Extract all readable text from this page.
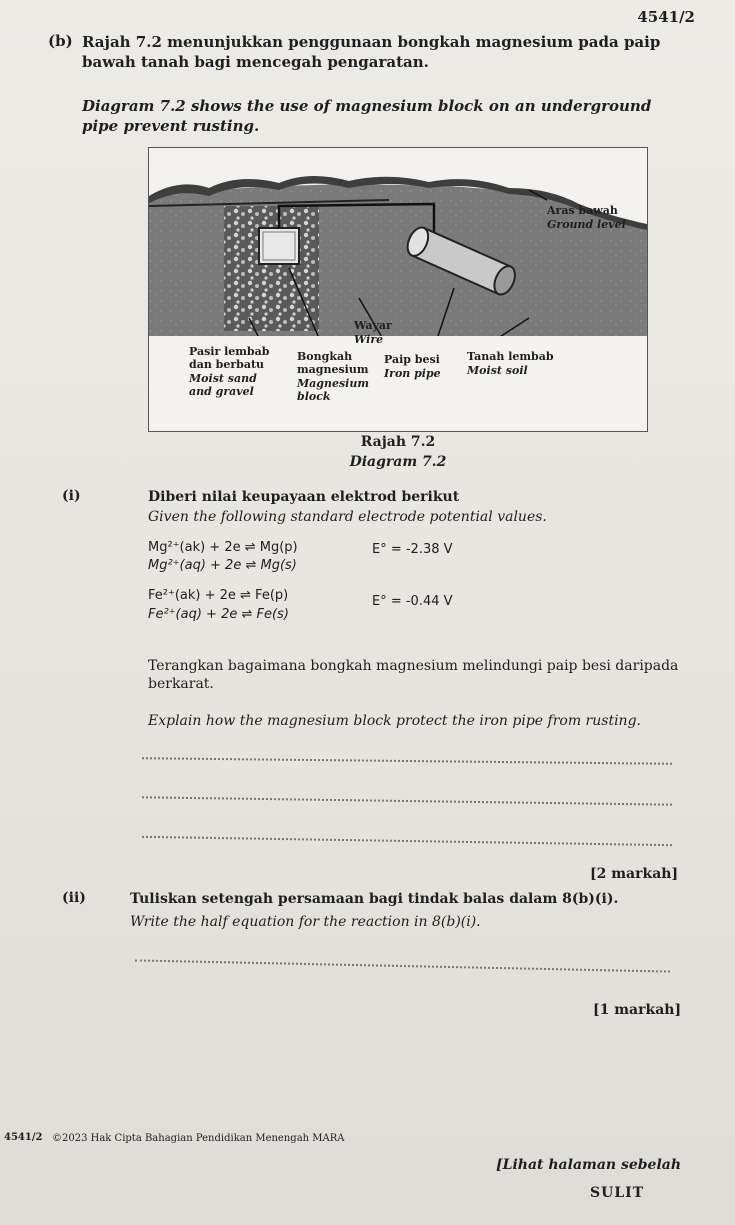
4541/2
(b) Rajah 7.2 menunjukkan penggunaan bongkah magnesium pada paip bawah tanah bagi mencegah pengaratan.
Diagram 7.2 shows the use of magnesium block on an underground pipe prevent rusting.
Aras bawah
Ground level
Wayar
Wire
Pasir lembab
dan berbatu
Moist sand
and gravel
Bongkah
magnesium
Magnesium
block
Paip besi
Iron pipe
Tanah lembab
Moist soil
Rajah 7.2
Diagram 7.2
(i)	Diberi nilai keupayaan elektrod berikut
Given the following standard electrode potential values.
Mg²⁺(ak) + 2e ⇌ Mg(p)	E° = -2.38 V
Mg²⁺(aq) + 2e ⇌ Mg(s)
Fe²⁺(ak) + 2e ⇌ Fe(p)	E° = -0.44 V
Fe²⁺(aq) + 2e ⇌ Fe(s)
Terangkan bagaimana bongkah magnesium melindungi paip besi daripada
berkarat.
Explain how the magnesium block protect the iron pipe from rusting.
[2 markah]
(ii)	Tuliskan setengah persamaan bagi tindak balas dalam 8(b)(i).
Write the half equation for the reaction in 8(b)(i).
[1 markah]
4541/2 ©2023 Hak Cipta Bahagian Pendidikan Menengah MARA
[Lihat halaman sebelah
SULIT
